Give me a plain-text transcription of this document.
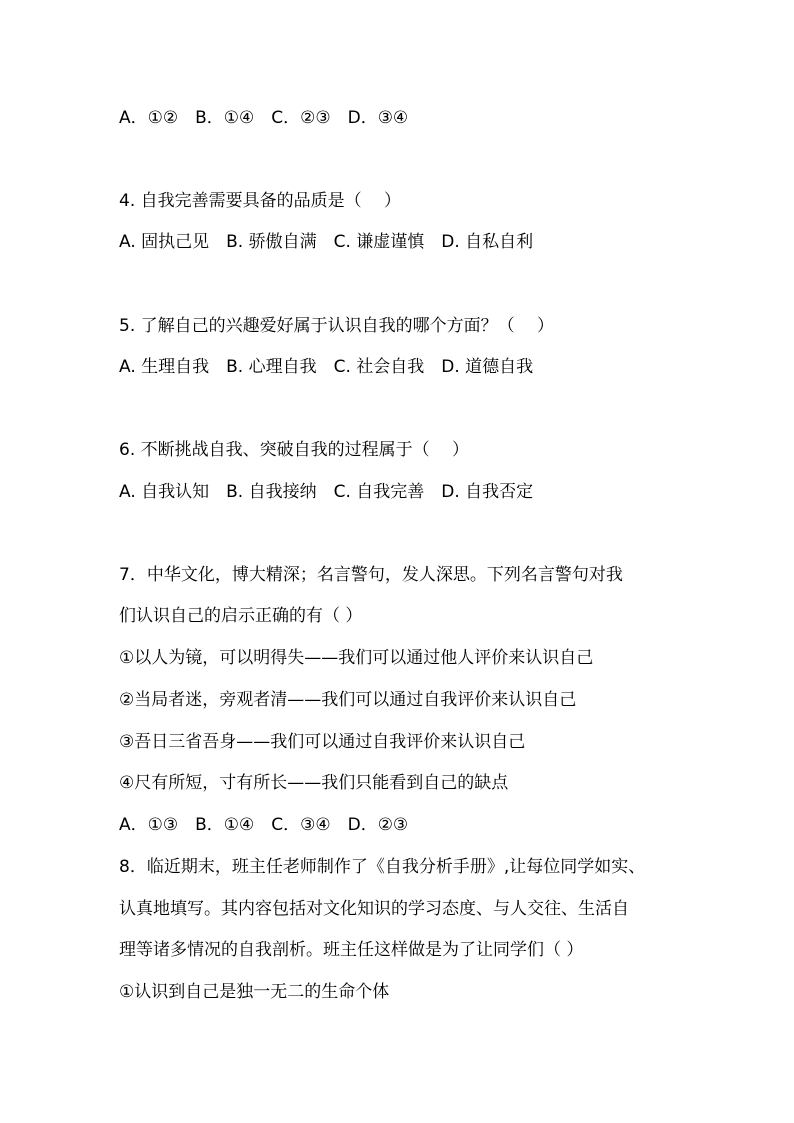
A．①②　B．①④　C．②③　D．③④
4. 自我完善需要具备的品质是（　 ）
A. 固执己见　B. 骄傲自满　C. 谦虚谨慎　D. 自私自利
5. 了解自己的兴趣爱好属于认识自我的哪个方面？（　 ）
A. 生理自我　B. 心理自我　C. 社会自我　D. 道德自我
6. 不断挑战自我、突破自我的过程属于（　 ）
A. 自我认知　B. 自我接纳　C. 自我完善　D. 自我否定
7．中华文化，博大精深；名言警句，发人深思。下列名言警句对我
们认识自己的启示正确的有（ ）
①以人为镜，可以明得失——我们可以通过他人评价来认识自己
②当局者迷，旁观者清——我们可以通过自我评价来认识自己
③吾日三省吾身——我们可以通过自我评价来认识自己
④尺有所短，寸有所长——我们只能看到自己的缺点
A．①③　B．①④　C．③④　D．②③
8．临近期末，班主任老师制作了《自我分析手册》,让每位同学如实、
认真地填写。其内容包括对文化知识的学习态度、与人交往、生活自
理等诸多情况的自我剖析。班主任这样做是为了让同学们（ ）
①认识到自己是独一无二的生命个体
